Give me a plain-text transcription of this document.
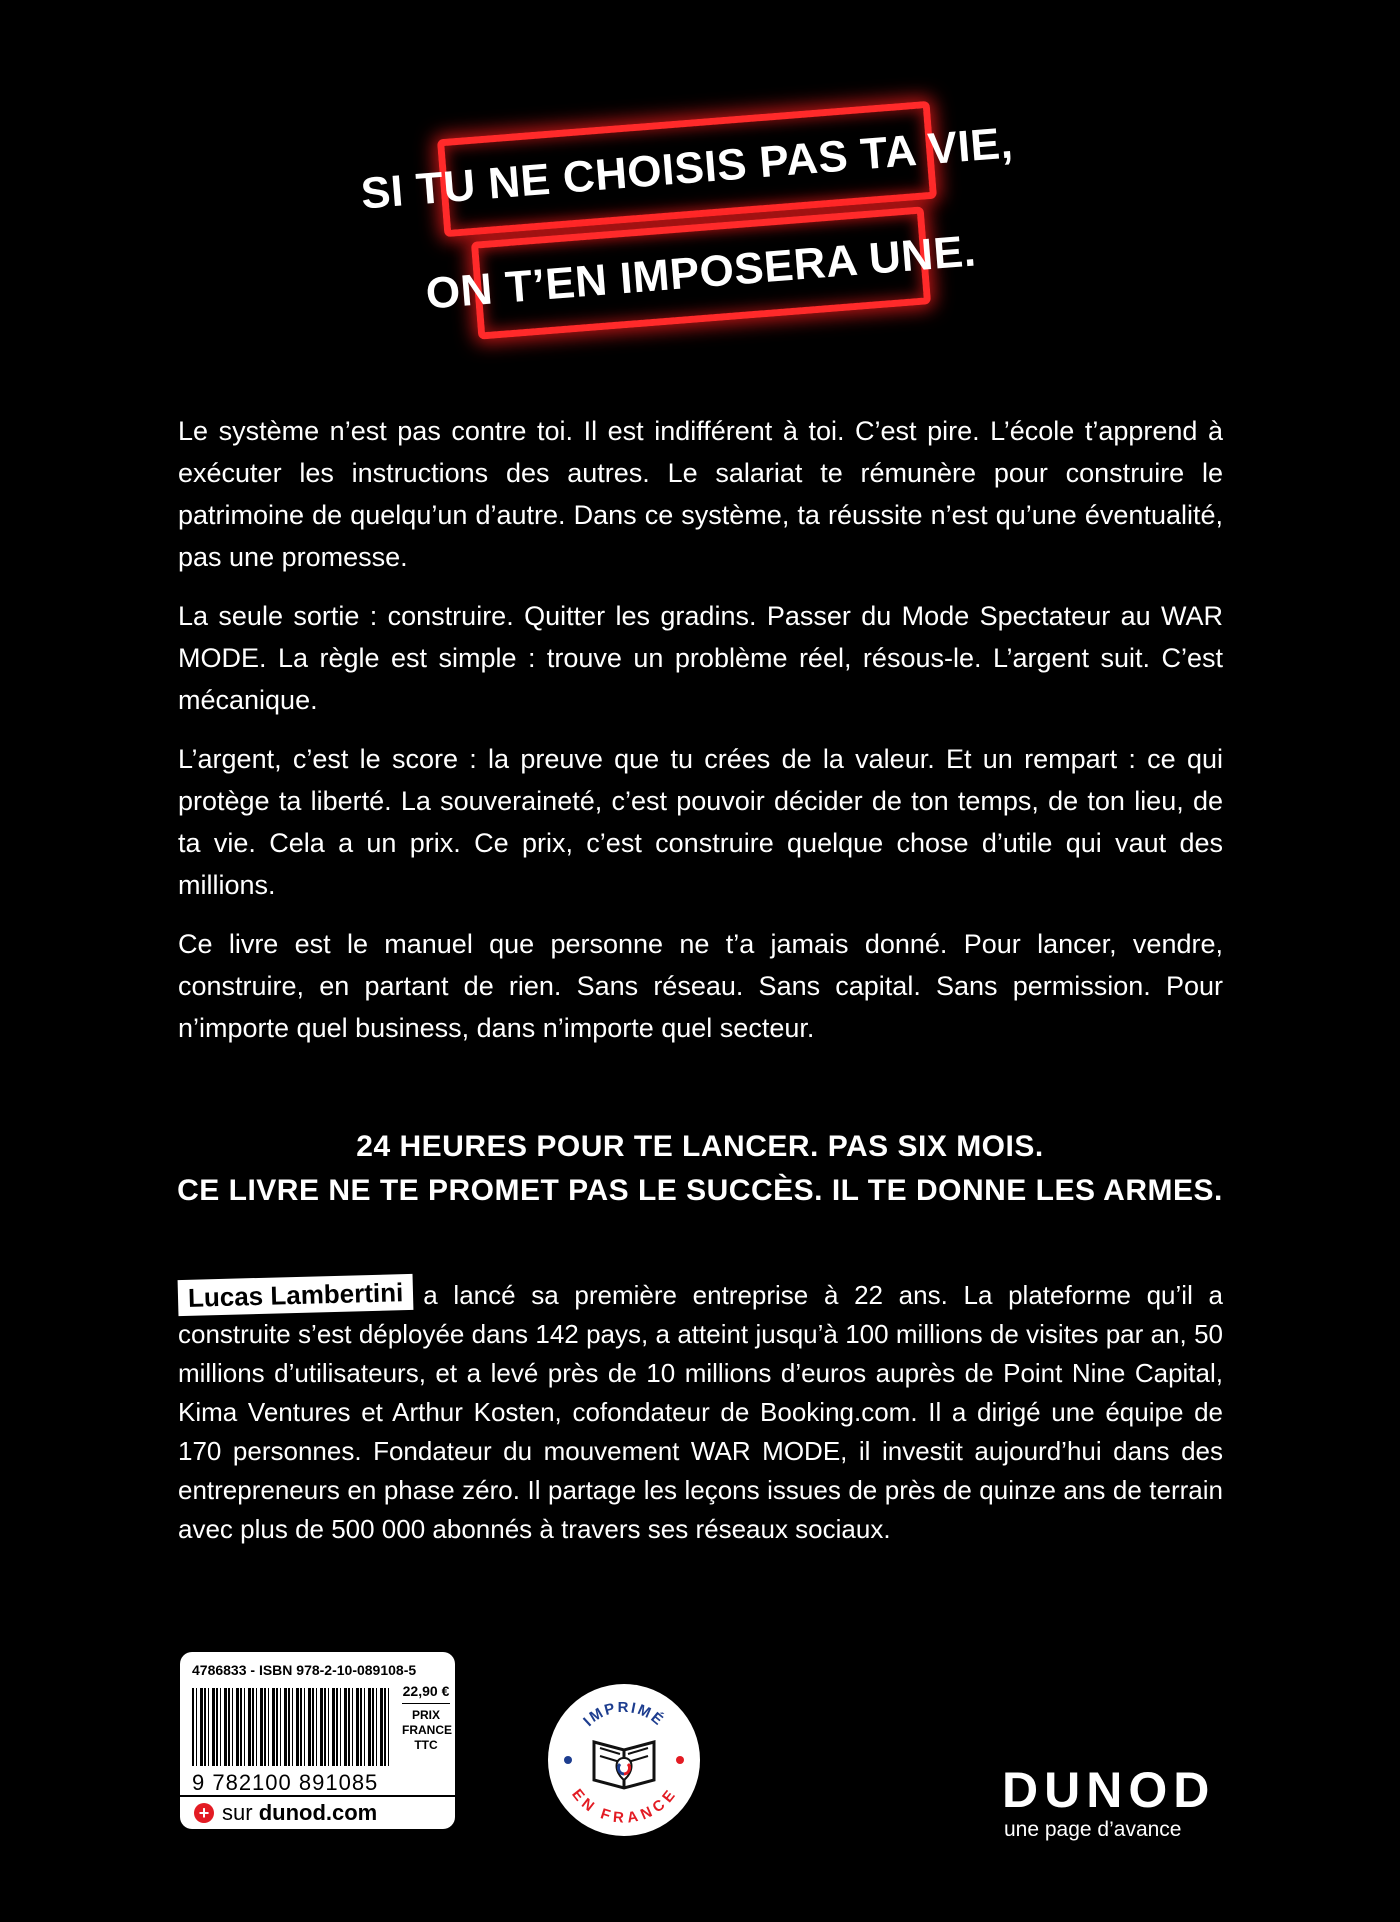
SI TU NE CHOISIS PAS TA VIE,
ON T’EN IMPOSERA UNE.

Le système n’est pas contre toi. Il est indifférent à toi. C’est pire. L’école t’apprend à exécuter les instructions des autres. Le salariat te rémunère pour construire le patrimoine de quelqu’un d’autre. Dans ce système, ta réussite n’est qu’une éventualité, pas une promesse.

La seule sortie : construire. Quitter les gradins. Passer du Mode Spectateur au WAR MODE. La règle est simple : trouve un problème réel, résous-le. L’argent suit. C’est mécanique.

L’argent, c’est le score : la preuve que tu crées de la valeur. Et un rempart : ce qui protège ta liberté. La souveraineté, c’est pouvoir décider de ton temps, de ton lieu, de ta vie. Cela a un prix. Ce prix, c’est construire quelque chose d’utile qui vaut des millions.

Ce livre est le manuel que personne ne t’a jamais donné. Pour lancer, vendre, construire, en partant de rien. Sans réseau. Sans capital. Sans permission. Pour n’importe quel business, dans n’importe quel secteur.

24 HEURES POUR TE LANCER. PAS SIX MOIS.
CE LIVRE NE TE PROMET PAS LE SUCCÈS. IL TE DONNE LES ARMES.
Lucas Lambertini a lancé sa première entreprise à 22 ans. La plateforme qu’il a construite s’est déployée dans 142 pays, a atteint jusqu’à 100 millions de visites par an, 50 millions d’utilisateurs, et a levé près de 10 millions d’euros auprès de Point Nine Capital, Kima Ventures et Arthur Kosten, cofondateur de Booking.com. Il a dirigé une équipe de 170 personnes. Fondateur du mouvement WAR MODE, il investit aujourd’hui dans des entrepreneurs en phase zéro. Il partage les leçons issues de près de quinze ans de terrain avec plus de 500 000 abonnés à travers ses réseaux sociaux.
4786833 - ISBN 978-2-10-089108-5
9 782100 891085
22,90 €
PRIX
FRANCE
TTC
+ sur
dunod.com
IMPRIMÉ
EN FRANCE	DUNOD
une page d’avance
